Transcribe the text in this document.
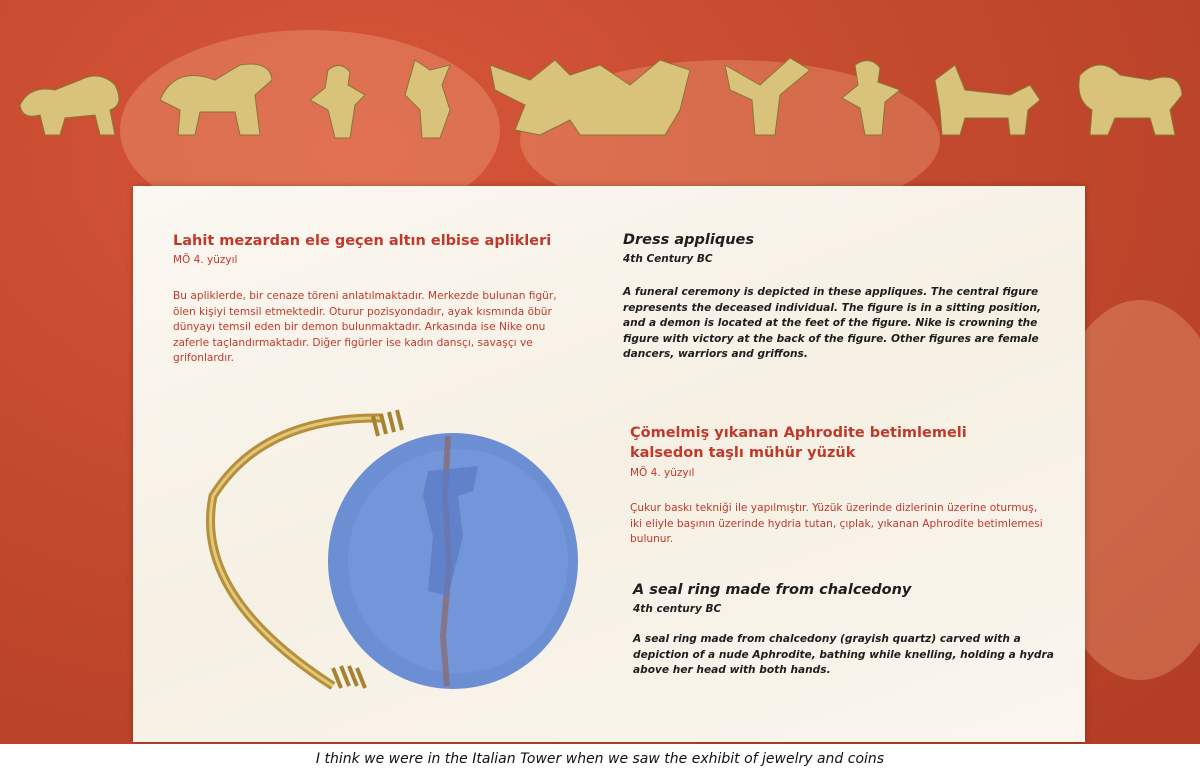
Lahit mezardan ele geçen altın elbise aplikleri
MÖ 4. yüzyıl
Bu apliklerde, bir cenaze töreni anlatılmaktadır. Merkezde bulunan figür, ölen kişiyi temsil etmektedir. Oturur pozisyondadır, ayak kısmında öbür dünyayı temsil eden bir demon bulunmaktadır. Arkasında ise Nike onu zaferle taçlandırmaktadır. Diğer figürler ise kadın dansçı, savaşçı ve grifonlardır.
Dress appliques
4th Century BC
A funeral ceremony is depicted in these appliques. The central figure represents the deceased individual. The figure is in a sitting position, and a demon is located at the feet of the figure. Nike is crowning the figure with victory at the back of the figure. Other figures are female dancers, warriors and griffons.
Çömelmiş yıkanan Aphrodite betimlemeli
kalsedon taşlı mühür yüzük
MÖ 4. yüzyıl
Çukur baskı tekniği ile yapılmıştır. Yüzük üzerinde dizlerinin üzerine oturmuş, iki eliyle başının üzerinde hydria tutan, çıplak, yıkanan Aphrodite betimlemesi bulunur.
A seal ring made from chalcedony
4th century BC
A seal ring made from chalcedony (grayish quartz) carved with a depiction of a nude Aphrodite, bathing while knelling, holding a hydra above her head with both hands.
I think we were in the Italian Tower when we saw the exhibit of jewelry and coins
